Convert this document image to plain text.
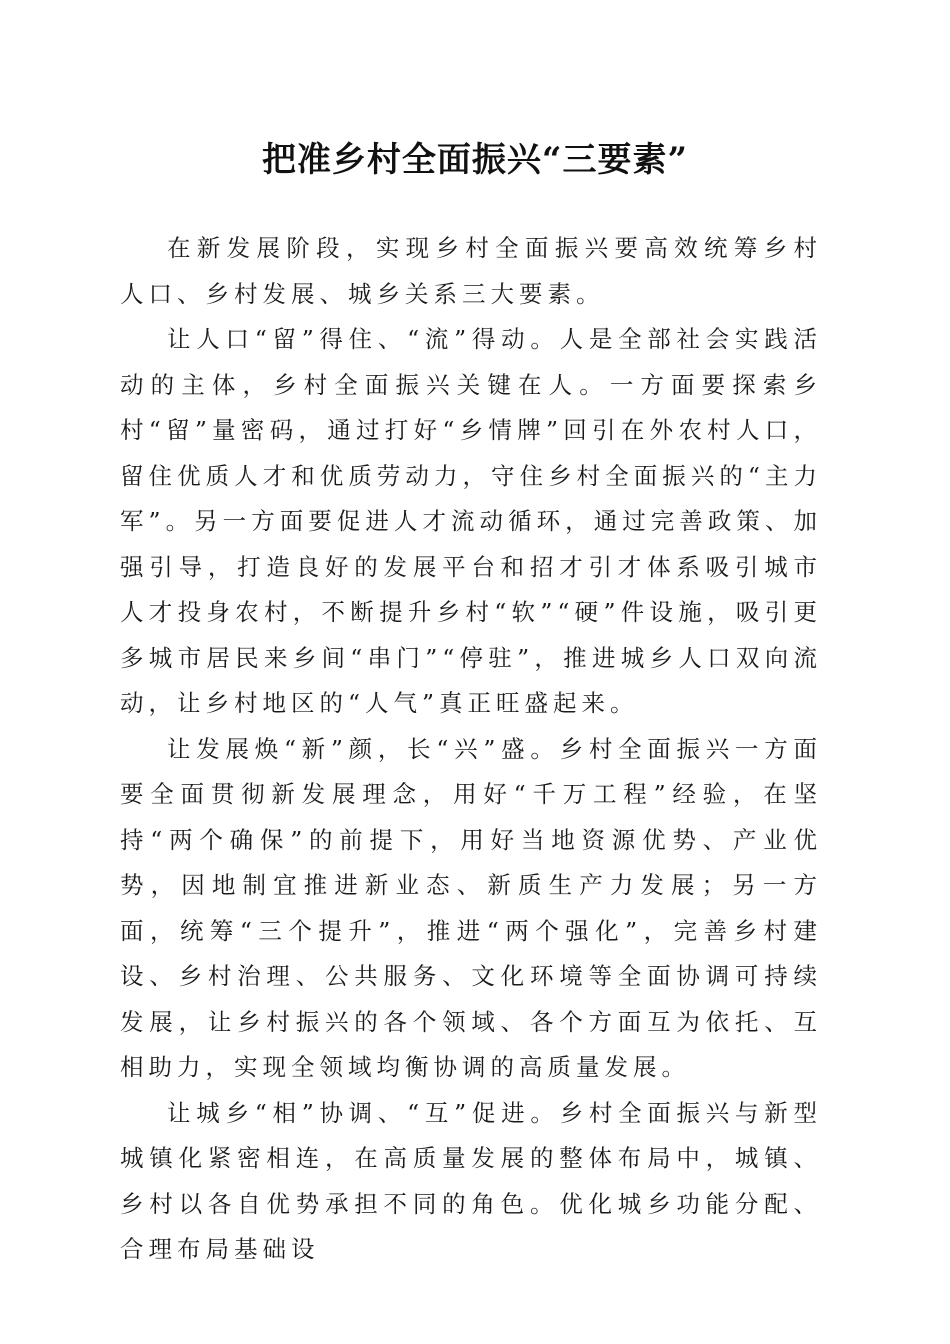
把准乡村全面振兴“三要素”

在新发展阶段，实现乡村全面振兴要高效统筹乡村人口、乡村发展、城乡关系三大要素。

让人口“留”得住、“流”得动。人是全部社会实践活动的主体，乡村全面振兴关键在人。一方面要探索乡村“留”量密码，通过打好“乡情牌”回引在外农村人口，留住优质人才和优质劳动力，守住乡村全面振兴的“主力军”。另一方面要促进人才流动循环，通过完善政策、加强引导，打造良好的发展平台和招才引才体系吸引城市人才投身农村，不断提升乡村“软”“硬”件设施，吸引更多城市居民来乡间“串门”“停驻”，推进城乡人口双向流动，让乡村地区的“人气”真正旺盛起来。

让发展焕“新”颜，长“兴”盛。乡村全面振兴一方面要全面贯彻新发展理念，用好“千万工程”经验，在坚持“两个确保”的前提下，用好当地资源优势、产业优势，因地制宜推进新业态、新质生产力发展；另一方面，统筹“三个提升”，推进“两个强化”，完善乡村建设、乡村治理、公共服务、文化环境等全面协调可持续发展，让乡村振兴的各个领域、各个方面互为依托、互相助力，实现全领域均衡协调的高质量发展。

让城乡“相”协调、“互”促进。乡村全面振兴与新型城镇化紧密相连，在高质量发展的整体布局中，城镇、乡村以各自优势承担不同的角色。优化城乡功能分配、合理布局基础设
